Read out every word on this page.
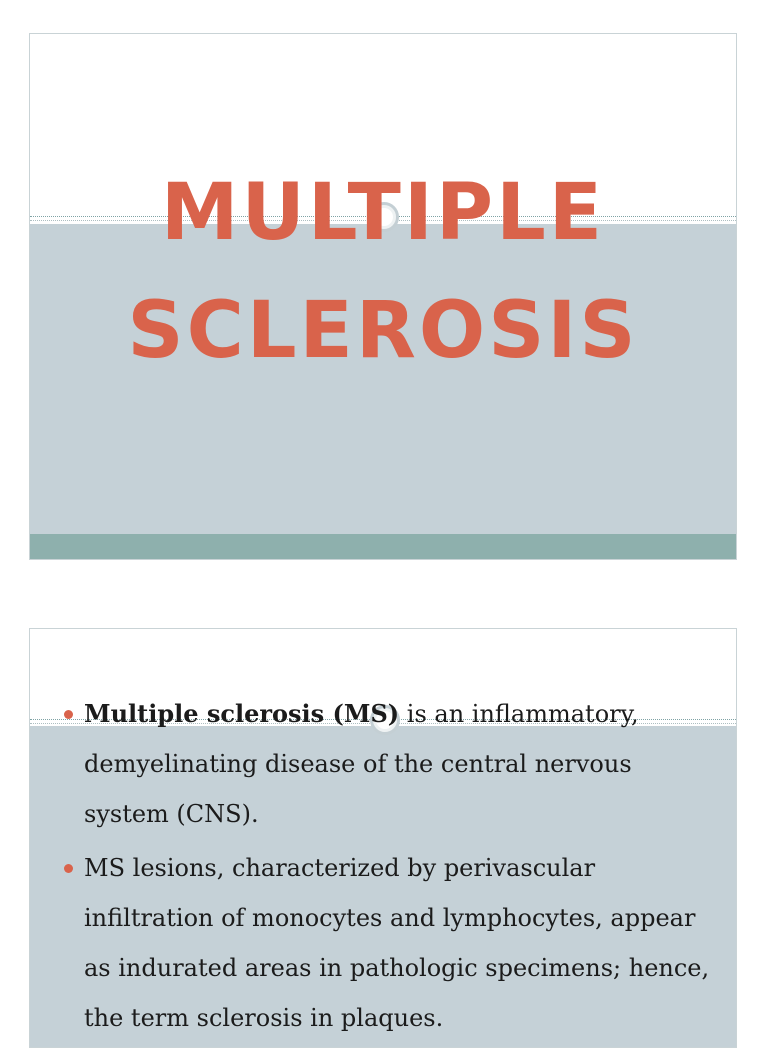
MULTIPLE
SCLEROSIS
Multiple sclerosis (MS) is an inflammatory,
demyelinating disease of the central nervous
system (CNS).
MS lesions, characterized by perivascular
infiltration of monocytes and lymphocytes, appear
as indurated areas in pathologic specimens; hence,
the term sclerosis in plaques.
